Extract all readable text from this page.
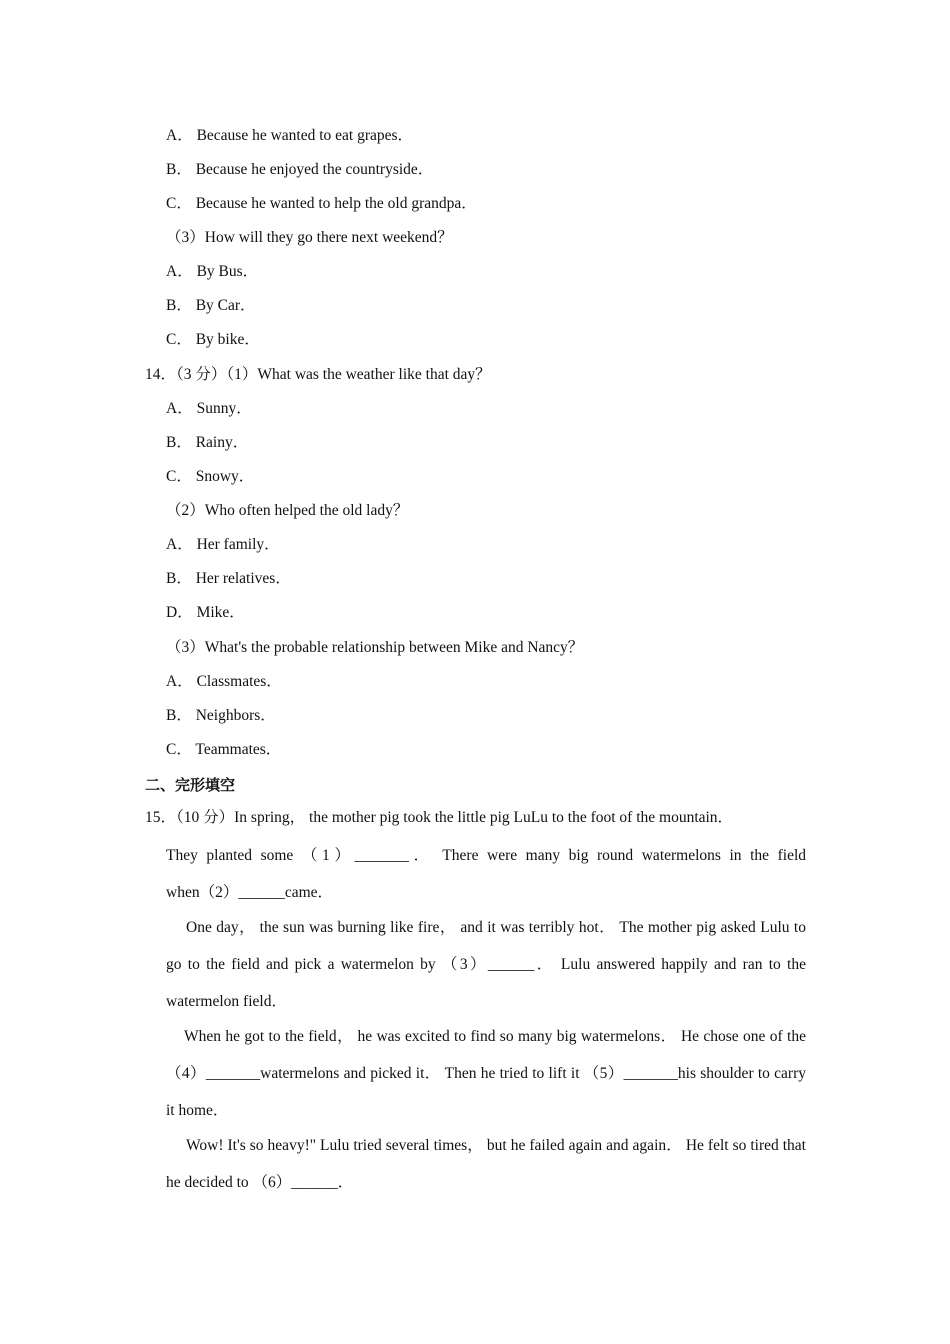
A． Because he wanted to eat grapes．
B． Because he enjoyed the countryside．
C． Because he wanted to help the old grandpa．
（3）How will they go there next weekend？
A． By Bus．
B． By Car．
C． By bike．
14．（3 分）（1）What was the weather like that day？
A． Sunny．
B． Rainy．
C． Snowy．
（2）Who often helped the old lady？
A． Her family．
B． Her relatives．
D． Mike．
（3）What's the probable relationship between Mike and Nancy？
A． Classmates．
B． Neighbors．
C． Teammates．
二、完形填空
15．（10 分）In spring， the mother pig took the little pig LuLu to the foot of the mountain．
They planted some （1）_______． There were many big round watermelons in the field
when（2）______came．
One day， the sun was burning like fire， and it was terribly hot． The mother pig asked Lulu to go to the field and pick a watermelon by （3）______． Lulu answered happily and ran to the watermelon field．
When he got to the field， he was excited to find so many big watermelons． He chose one of the （4）_______watermelons and picked it． Then he tried to lift it （5）_______his shoulder to carry it home．
Wow! It's so heavy!" Lulu tried several times， but he failed again and again． He felt so tired that he decided to （6）______．
